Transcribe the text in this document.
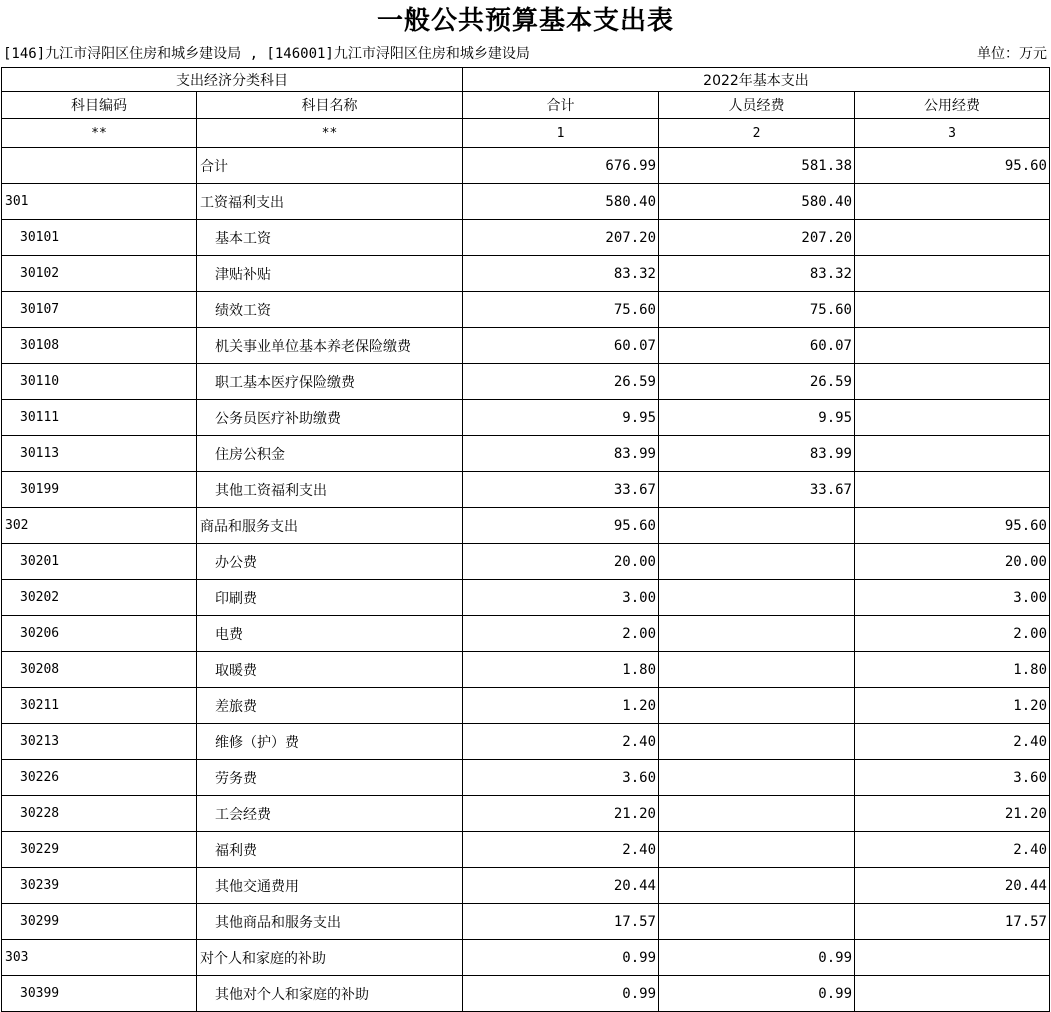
一般公共预算基本支出表
[146]九江市浔阳区住房和城乡建设局 , [146001]九江市浔阳区住房和城乡建设局	单位：万元
支出经济分类科目		2022年基本支出		
科目编码	科目名称	合计	人员经费	公用经费
**	**	1	2	3
	合计	676.99	581.38	95.60
301	工资福利支出	580.40	580.40	
30101	基本工资	207.20	207.20	
30102	津贴补贴	83.32	83.32	
30107	绩效工资	75.60	75.60	
30108	机关事业单位基本养老保险缴费	60.07	60.07	
30110	职工基本医疗保险缴费	26.59	26.59	
30111	公务员医疗补助缴费	9.95	9.95	
30113	住房公积金	83.99	83.99	
30199	其他工资福利支出	33.67	33.67	
302	商品和服务支出	95.60		95.60
30201	办公费	20.00		20.00
30202	印刷费	3.00		3.00
30206	电费	2.00		2.00
30208	取暖费	1.80		1.80
30211	差旅费	1.20		1.20
30213	维修（护）费	2.40		2.40
30226	劳务费	3.60		3.60
30228	工会经费	21.20		21.20
30229	福利费	2.40		2.40
30239	其他交通费用	20.44		20.44
30299	其他商品和服务支出	17.57		17.57
303	对个人和家庭的补助	0.99	0.99	
30399	其他对个人和家庭的补助	0.99	0.99	
